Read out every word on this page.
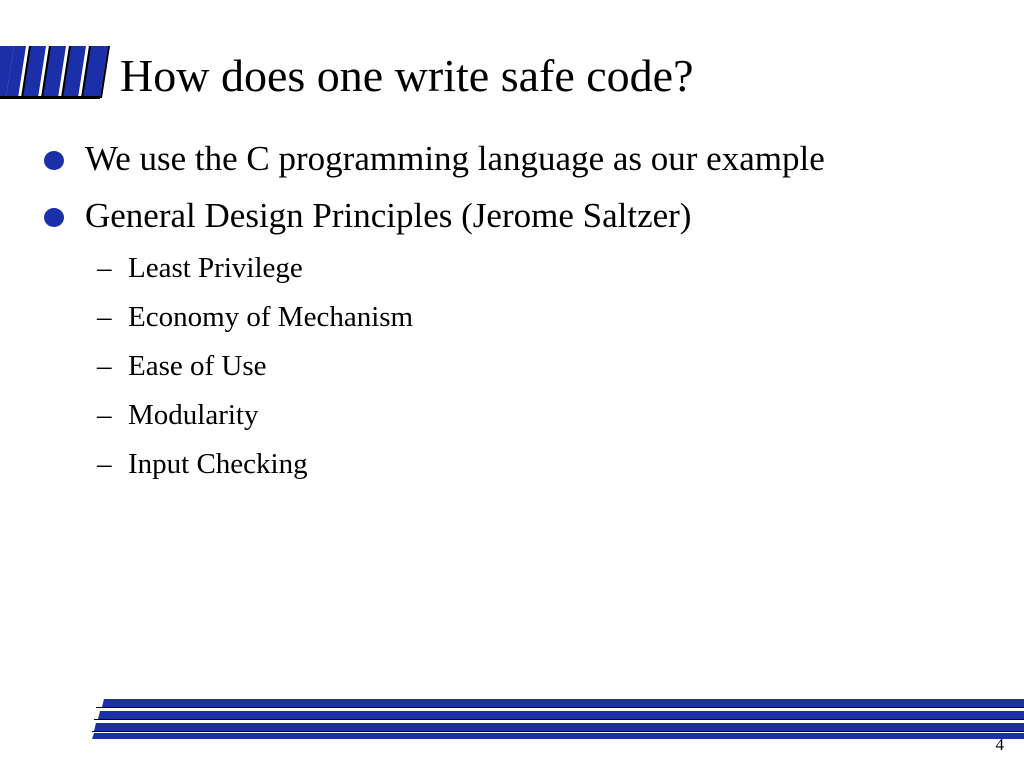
How does one write safe code?
We use the C programming language as our example
General Design Principles (Jerome Saltzer)
– Least Privilege
– Economy of Mechanism
– Ease of Use
– Modularity
– Input Checking
4
